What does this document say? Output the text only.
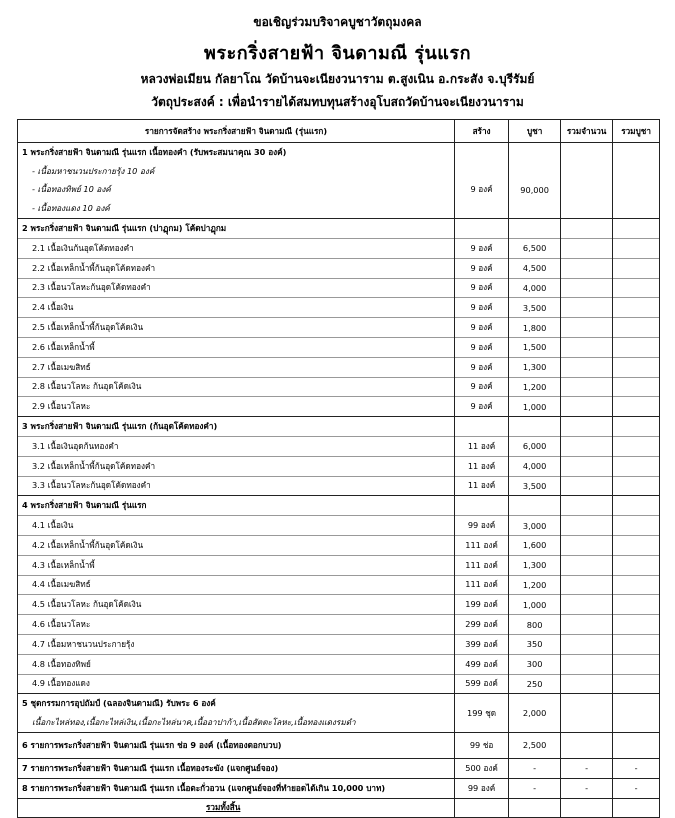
ขอเชิญร่วมบริจาคบูชาวัตถุมงคล
พระกริ่งสายฟ้า จินดามณี รุ่นแรก
หลวงพ่อเมียน กัลยาโณ วัดบ้านจะเนียงวนาราม ต.สูงเนิน อ.กระสัง จ.บุรีรัมย์
วัตถุประสงค์ : เพื่อนำรายได้สมทบทุนสร้างอุโบสถวัดบ้านจะเนียงวนาราม
รายการจัดสร้าง พระกริ่งสายฟ้า จินดามณี (รุ่นแรก)	สร้าง	บูชา	รวมจำนวน	รวมบูชา
1 พระกริ่งสายฟ้า จินดามณี รุ่นแรก เนื้อทองคำ (รับพระสมนาคุณ 30 องค์)				
- เนื้อมหาชนวนประกายรุ้ง 10 องค์	9 องค์	90,000		
- เนื้อทองทิพย์ 10 องค์				
- เนื้อทองแดง 10 องค์				
2 พระกริ่งสายฟ้า จินดามณี รุ่นแรก (ปาฏุกม) โค้ดปาฏุกม				
2.1 เนื้อเงินก้นอุดโค้ดทองคำ	9 องค์	6,500		
2.2 เนื้อเหล็กน้ำพี้ก้นอุดโค้ดทองคำ	9 องค์	4,500		
2.3 เนื้อนวโลหะก้นอุดโค้ดทองคำ	9 องค์	4,000		
2.4 เนื้อเงิน	9 องค์	3,500		
2.5 เนื้อเหล็กน้ำพี้ก้นอุดโค้ดเงิน	9 องค์	1,800		
2.6 เนื้อเหล็กน้ำพี้	9 องค์	1,500		
2.7 เนื้อเมฆสิทธ์	9 องค์	1,300		
2.8 เนื้อนวโลหะ ก้นอุดโค้ดเงิน	9 องค์	1,200		
2.9 เนื้อนวโลหะ	9 องค์	1,000		
3 พระกริ่งสายฟ้า จินดามณี รุ่นแรก (ก้นอุดโค้ดทองคำ)				
3.1 เนื้อเงินอุดก้นทองคำ	11 องค์	6,000		
3.2 เนื้อเหล็กน้ำพี้ก้นอุดโค้ดทองคำ	11 องค์	4,000		
3.3 เนื้อนวโลหะก้นอุดโค้ดทองคำ	11 องค์	3,500		
4 พระกริ่งสายฟ้า จินดามณี รุ่นแรก				
4.1 เนื้อเงิน	99 องค์	3,000		
4.2 เนื้อเหล็กน้ำพี้ก้นอุดโค้ดเงิน	111 องค์	1,600		
4.3 เนื้อเหล็กน้ำพี้	111 องค์	1,300		
4.4 เนื้อเมฆสิทธ์	111 องค์	1,200		
4.5 เนื้อนวโลหะ ก้นอุดโค้ดเงิน	199 องค์	1,000		
4.6 เนื้อนวโลหะ	299 องค์	800		
4.7 เนื้อมหาชนวนประกายรุ้ง	399 องค์	350		
4.8 เนื้อทองทิพย์	499 องค์	300		
4.9 เนื้อทองแดง	599 องค์	250		
5 ชุดกรรมการอุปถัมป์ (ฉลองจินดามณี) รับพระ 6 องค์	199 ชุด	2,000		
เนื้อกะไหล่ทอง,เนื้อกะไหล่เงิน,เนื้อกะไหล่นาค,เนื้ออาปาก้า,เนื้อสัตตะโลหะ,เนื้อทองแดงรมดำ				
6 รายการพระกริ่งสายฟ้า จินดามณี รุ่นแรก ช่อ 9 องค์ (เนื้อทองดอกบวบ)	99 ช่อ	2,500		
7 รายการพระกริ่งสายฟ้า จินดามณี รุ่นแรก เนื้อทองระฆัง (แจกศูนย์จอง)	500 องค์	-	-	-
8 รายการพระกริ่งสายฟ้า จินดามณี รุ่นแรก เนื้อตะกั่วอวน (แจกศูนย์จองที่ทำยอดได้เกิน 10,000 บาท)	99 องค์	-	-	-
รวมทั้งสิ้น				
